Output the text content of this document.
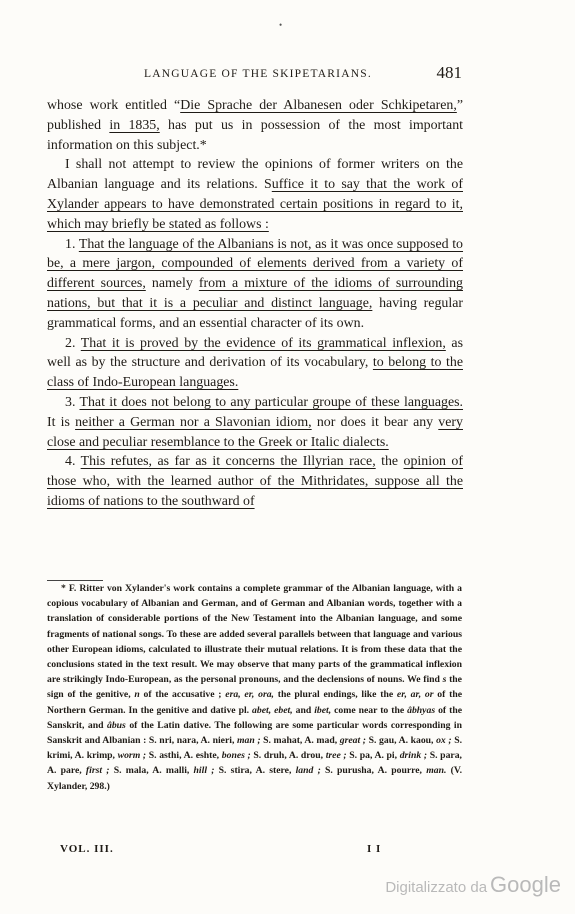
•
LANGUAGE OF THE SKIPETARIANS.	481

whose work entitled “Die Sprache der Albanesen oder Schkipetaren,” published in 1835, has put us in possession of the most important information on this subject.*

I shall not attempt to review the opinions of former writers on the Albanian language and its relations. Suffice it to say that the work of Xylander appears to have demonstrated certain positions in regard to it, which may briefly be stated as follows :

1. That the language of the Albanians is not, as it was once supposed to be, a mere jargon, compounded of elements derived from a variety of different sources, namely from a mixture of the idioms of surrounding nations, but that it is a peculiar and distinct language, having regular grammatical forms, and an essential character of its own.

2. That it is proved by the evidence of its grammatical inflexion, as well as by the structure and derivation of its vocabulary, to belong to the class of Indo-European languages.

3. That it does not belong to any particular groupe of these languages. It is neither a German nor a Slavonian idiom, nor does it bear any very close and peculiar resemblance to the Greek or Italic dialects.

4. This refutes, as far as it concerns the Illyrian race, the opinion of those who, with the learned author of the Mithridates, suppose all the idioms of nations to the southward of

* F. Ritter von Xylander's work contains a complete grammar of the Albanian language, with a copious vocabulary of Albanian and German, and of German and Albanian words, together with a translation of considerable portions of the New Testament into the Albanian language, and some fragments of national songs. To these are added several parallels between that language and various other European idioms, calculated to illustrate their mutual relations. It is from these data that the conclusions stated in the text result. We may observe that many parts of the grammatical inflexion are strikingly Indo-European, as the personal pronouns, and the declensions of nouns. We find s the sign of the genitive, n of the accusative ; era, er, ora, the plural endings, like the er, ar, or of the Northern German. In the genitive and dative pl. abet, ebet, and ibet, come near to the âbhyas of the Sanskrit, and âbus of the Latin dative. The following are some particular words corresponding in Sanskrit and Albanian : S. nri, nara, A. nieri, man ; S. mahat, A. mad, great ; S. gau, A. kaou, ox ; S. krimi, A. krimp, worm ; S. asthi, A. eshte, bones ; S. druh, A. drou, tree ; S. pa, A. pi, drink ; S. para, A. pare, first ; S. mala, A. malli, hill ; S. stira, A. stere, land ; S. purusha, A. pourre, man. (V. Xylander, 298.)
VOL. III.	I I
Digitalizzato da Google
